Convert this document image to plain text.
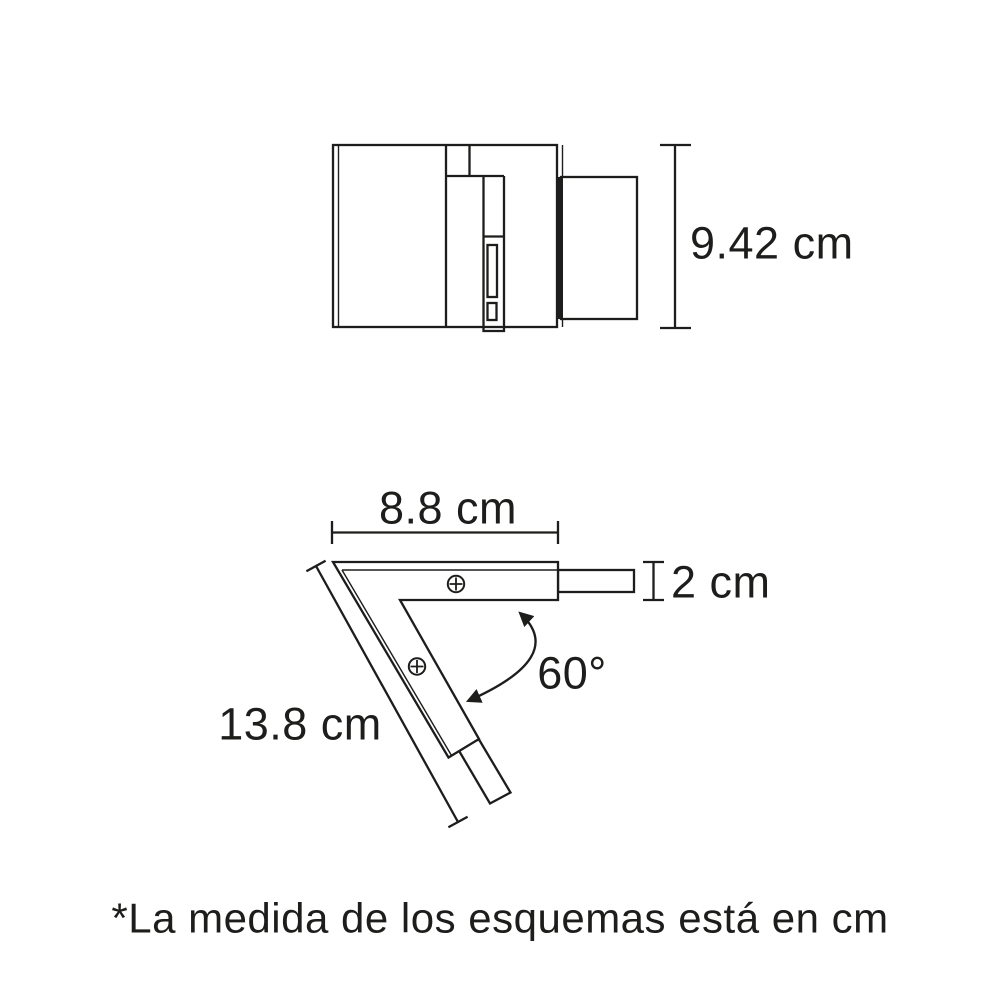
9.42 cm
8.8 cm
2 cm
13.8 cm
60°
*La medida de los esquemas está en cm
